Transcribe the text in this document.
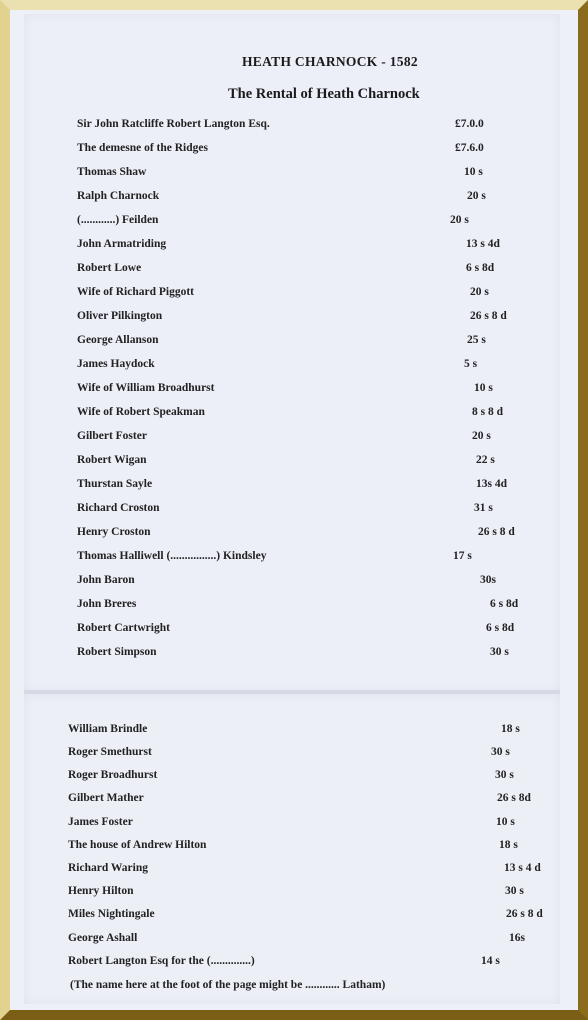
HEATH CHARNOCK - 1582
The Rental of Heath Charnock
Sir John Ratcliffe Robert Langton Esq.	£7.0.0
The demesne of the Ridges	£7.6.0
Thomas Shaw	10 s
Ralph Charnock	20 s
(............) Feilden	20 s
John Armatriding	13 s 4d
Robert Lowe	6 s 8d
Wife of Richard Piggott	20 s
Oliver Pilkington	26 s 8 d
George Allanson	25 s
James Haydock	5 s
Wife of William Broadhurst	10 s
Wife of Robert Speakman	8 s 8 d
Gilbert Foster	20 s
Robert Wigan	22 s
Thurstan Sayle	13s 4d
Richard Croston	31 s
Henry Croston	26 s 8 d
Thomas Halliwell (................) Kindsley	17 s
John Baron	30s
John Breres	6 s 8d
Robert Cartwright	6 s 8d
Robert Simpson	30 s
William Brindle	18 s
Roger Smethurst	30 s
Roger Broadhurst	30 s
Gilbert Mather	26 s 8d
James Foster	10 s
The house of Andrew Hilton	18 s
Richard Waring	13 s 4 d
Henry Hilton	30 s
Miles Nightingale	26 s 8 d
George Ashall	16s
Robert Langton Esq for the (..............)	14 s
(The name here at the foot of the page might be ............ Latham)
